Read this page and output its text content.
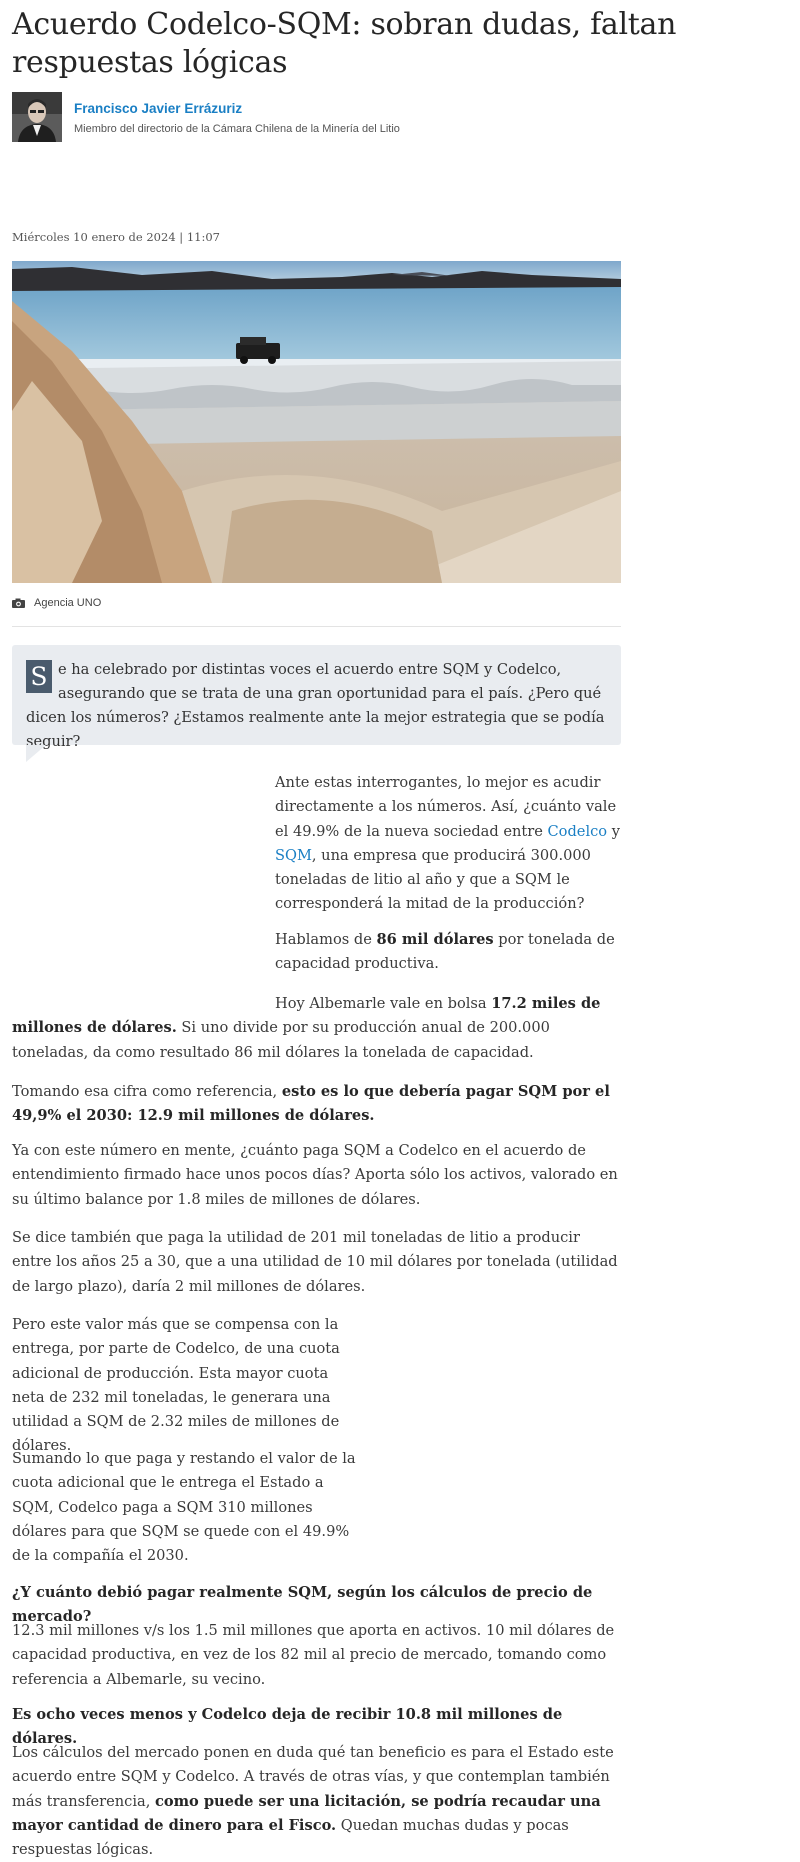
Acuerdo Codelco-SQM: sobran dudas, faltan respuestas lógicas
Francisco Javier Errázuriz
Miembro del directorio de la Cámara Chilena de la Minería del Litio
Miércoles 10 enero de 2024 | 11:07
Agencia UNO
S e ha celebrado por distintas voces el acuerdo entre SQM y Codelco, asegurando que se trata de una gran oportunidad para el país. ¿Pero qué dicen los números? ¿Estamos realmente ante la mejor estrategia que se podía seguir?

Ante estas interrogantes, lo mejor es acudir directamente a los números. Así, ¿cuánto vale el 49.9% de la nueva sociedad entre Codelco y SQM, una empresa que producirá 300.000 toneladas de litio al año y que a SQM le corresponderá la mitad de la producción?

Hablamos de 86 mil dólares por tonelada de capacidad productiva.

Hoy Albemarle vale en bolsa 17.2 miles de millones de dólares. Si uno divide por su producción anual de 200.000 toneladas, da como resultado 86 mil dólares la tonelada de capacidad.

Tomando esa cifra como referencia, esto es lo que debería pagar SQM por el 49,9% el 2030: 12.9 mil millones de dólares.

Ya con este número en mente, ¿cuánto paga SQM a Codelco en el acuerdo de entendimiento firmado hace unos pocos días? Aporta sólo los activos, valorado en su último balance por 1.8 miles de millones de dólares.

Se dice también que paga la utilidad de 201 mil toneladas de litio a producir entre los años 25 a 30, que a una utilidad de 10 mil dólares por tonelada (utilidad de largo plazo), daría 2 mil millones de dólares.

Pero este valor más que se compensa con la entrega, por parte de Codelco, de una cuota adicional de producción. Esta mayor cuota neta de 232 mil toneladas, le generara una utilidad a SQM de 2.32 miles de millones de dólares.

Sumando lo que paga y restando el valor de la cuota adicional que le entrega el Estado a SQM, Codelco paga a SQM 310 millones dólares para que SQM se quede con el 49.9% de la compañía el 2030.

¿Y cuánto debió pagar realmente SQM, según los cálculos de precio de mercado?

12.3 mil millones v/s los 1.5 mil millones que aporta en activos. 10 mil dólares de capacidad productiva, en vez de los 82 mil al precio de mercado, tomando como referencia a Albemarle, su vecino.

Es ocho veces menos y Codelco deja de recibir 10.8 mil millones de dólares.

Los cálculos del mercado ponen en duda qué tan beneficio es para el Estado este acuerdo entre SQM y Codelco. A través de otras vías, y que contemplan también más transferencia, como puede ser una licitación, se podría recaudar una mayor cantidad de dinero para el Fisco. Quedan muchas dudas y pocas respuestas lógicas.
